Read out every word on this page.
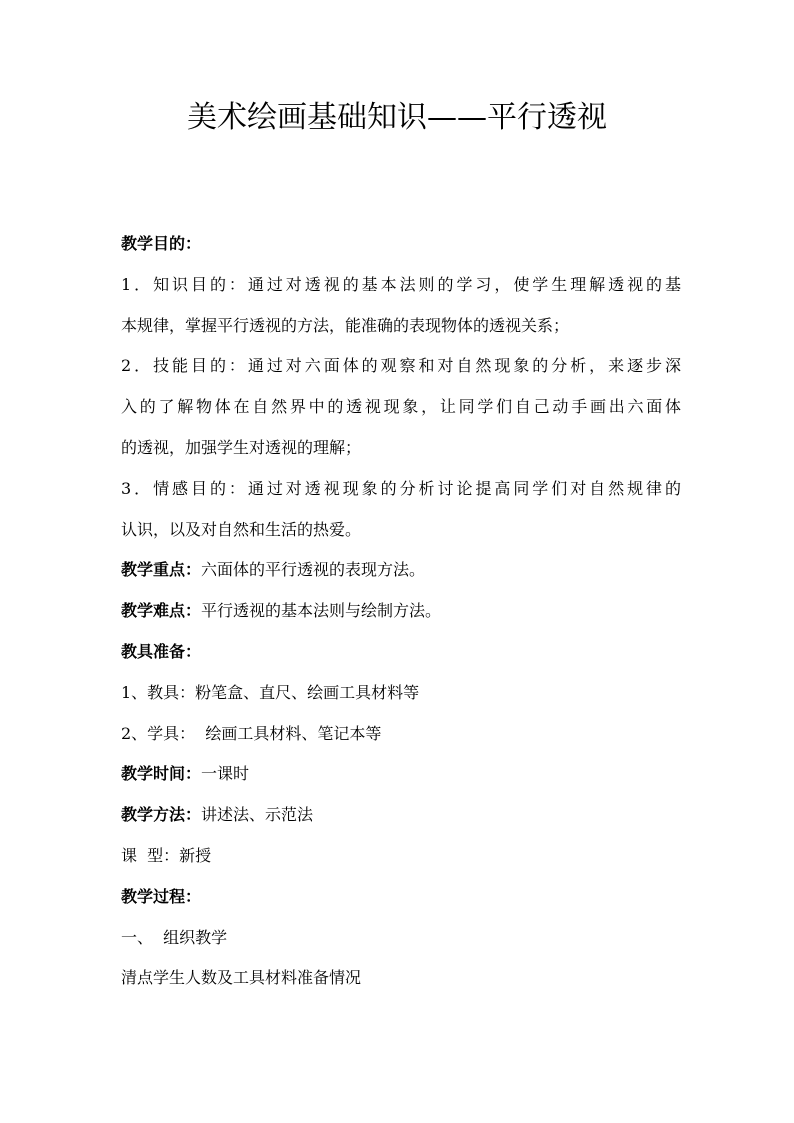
美术绘画基础知识——平行透视
教学目的：
1．知识目的：通过对透视的基本法则的学习，使学生理解透视的基
本规律，掌握平行透视的方法，能准确的表现物体的透视关系；
2．技能目的：通过对六面体的观察和对自然现象的分析，来逐步深
入的了解物体在自然界中的透视现象，让同学们自己动手画出六面体
的透视，加强学生对透视的理解；
3．情感目的：通过对透视现象的分析讨论提高同学们对自然规律的
认识，以及对自然和生活的热爱。
教学重点：六面体的平行透视的表现方法。
教学难点：平行透视的基本法则与绘制方法。
教具准备：
1、教具：粉笔盒、直尺、绘画工具材料等
2、学具：  绘画工具材料、笔记本等
教学时间：一课时
教学方法：讲述法、示范法
课  型：新授
教学过程：
一、  组织教学
清点学生人数及工具材料准备情况
